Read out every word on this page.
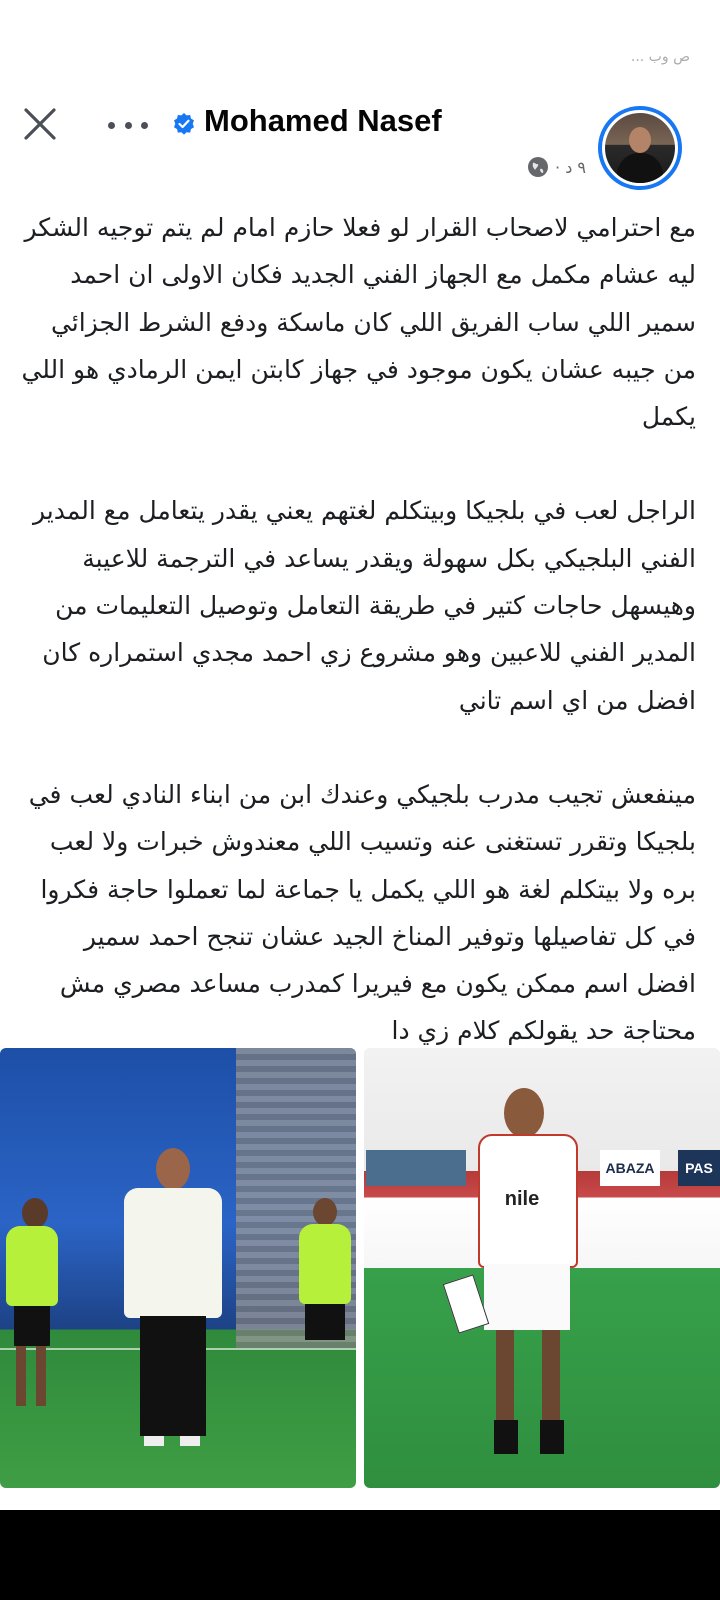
ص وب ...
Mohamed Nasef
٩ د ·

مع احترامي لاصحاب القرار لو فعلا حازم امام لم يتم توجيه الشكر ليه عشام مكمل مع الجهاز الفني الجديد فكان الاولى ان احمد سمير اللي ساب الفريق اللي كان ماسكة ودفع الشرط الجزائي من جيبه عشان يكون موجود في جهاز كابتن ايمن الرمادي هو اللي يكمل

الراجل لعب في بلجيكا وبيتكلم لغتهم يعني يقدر يتعامل مع المدير الفني البلجيكي بكل سهولة ويقدر يساعد في الترجمة للاعيبة وهيسهل حاجات كتير في طريقة التعامل وتوصيل التعليمات من المدير الفني للاعبين وهو مشروع زي احمد مجدي استمراره كان افضل من اي اسم تاني

مينفعش تجيب مدرب بلجيكي وعندك ابن من ابناء النادي لعب في بلجيكا وتقرر تستغنى عنه وتسيب اللي معندوش خبرات ولا لعب بره ولا بيتكلم لغة هو اللي يكمل يا جماعة لما تعملوا حاجة فكروا في كل تفاصيلها وتوفير المناخ الجيد عشان تنجح احمد سمير افضل اسم ممكن يكون مع فيريرا كمدرب مساعد مصري مش محتاجة حد يقولكم كلام زي دا

ABAZA	PAS
nile
